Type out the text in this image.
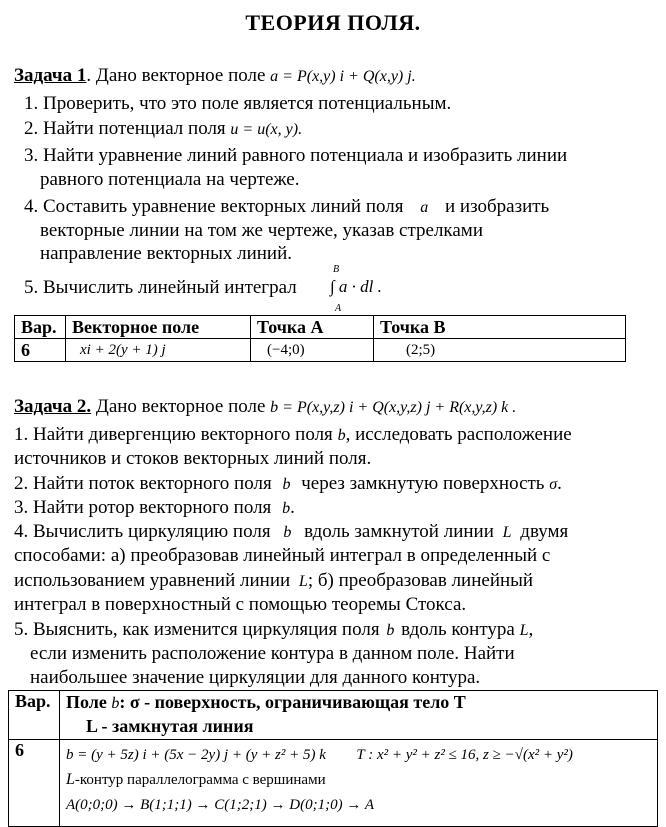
ТЕОРИЯ ПОЛЯ.
Задача 1. Дано векторное поле a = P(x,y) i + Q(x,y) j.
1. Проверить, что это поле является потенциальным.
2. Найти потенциал поля u = u(x, y).
3. Найти уравнение линий равного потенциала и изобразить линии
равного потенциала на чертеже.
4. Составить уравнение векторных линий поля a и изобразить
векторные линии на том же чертеже, указав стрелками
направление векторных линий.
5. Вычислить линейный интеграл
B
∫ a · dl .
A
Вар.	Векторное поле	Точка А	Точка В
6	xi + 2(y + 1) j	(−4;0)	(2;5)
Задача 2. Дано векторное поле b = P(x,y,z) i + Q(x,y,z) j + R(x,y,z) k .
1. Найти дивергенцию векторного поля b, исследовать расположение
источников и стоков векторных линий поля.
2. Найти поток векторного поля b через замкнутую поверхность σ.
3. Найти ротор векторного поля b.
4. Вычислить циркуляцию поля b вдоль замкнутой линии L двумя
способами: а) преобразовав линейный интеграл в определенный с
использованием уравнений линии L; б) преобразовав линейный
интеграл в поверхностный с помощью теоремы Стокса.
5. Выяснить, как изменится циркуляция поля b вдоль контура L,
если изменить расположение контура в данном поле. Найти
наибольшее значение циркуляции для данного контура.
Вар.	Поле b: σ - поверхность, ограничивающая тело Т
L - замкнутая линия
6	b = (y + 5z) i + (5x − 2y) j + (y + z² + 5) k T : x² + y² + z² ≤ 16, z ≥ −√(x² + y²)
L-контур параллелограмма с вершинами
A(0;0;0) → B(1;1;1) → C(1;2;1) → D(0;1;0) → A
